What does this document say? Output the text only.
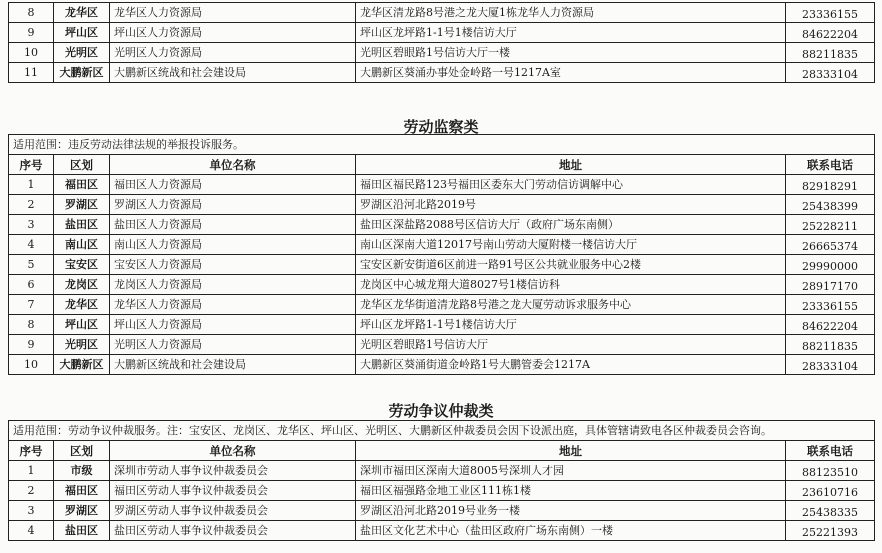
8	龙华区	龙华区人力资源局	龙华区清龙路8号港之龙大厦1栋龙华人力资源局	23336155
9	坪山区	坪山区人力资源局	坪山区龙坪路1-1号1楼信访大厅	84622204
10	光明区	光明区人力资源局	光明区碧眼路1号信访大厅一楼	88211835
11	大鹏新区	大鹏新区统战和社会建设局	大鹏新区葵涌办事处金岭路一号1217A室	28333104
劳动监察类
适用范围：违反劳动法律法规的举报投诉服务。				
序号	区划	单位名称	地址	联系电话
1	福田区	福田区人力资源局	福田区福民路123号福田区委东大门劳动信访调解中心	82918291
2	罗湖区	罗湖区人力资源局	罗湖区沿河北路2019号	25438399
3	盐田区	盐田区人力资源局	盐田区深盐路2088号区信访大厅（政府广场东南侧）	25228211
4	南山区	南山区人力资源局	南山区深南大道12017号南山劳动大厦附楼一楼信访大厅	26665374
5	宝安区	宝安区人力资源局	宝安区新安街道6区前进一路91号区公共就业服务中心2楼	29990000
6	龙岗区	龙岗区人力资源局	龙岗区中心城龙翔大道8027号1楼信访科	28917170
7	龙华区	龙华区人力资源局	龙华区龙华街道清龙路8号港之龙大厦劳动诉求服务中心	23336155
8	坪山区	坪山区人力资源局	坪山区龙坪路1-1号1楼信访大厅	84622204
9	光明区	光明区人力资源局	光明区碧眼路1号信访大厅	88211835
10	大鹏新区	大鹏新区统战和社会建设局	大鹏新区葵涌街道金岭路1号大鹏管委会1217A	28333104
劳动争议仲裁类
适用范围：劳动争议仲裁服务。注：宝安区、龙岗区、龙华区、坪山区、光明区、大鹏新区仲裁委员会因下设派出庭，具体管辖请致电各区仲裁委员会咨询。				
序号	区划	单位名称	地址	联系电话
1	市级	深圳市劳动人事争议仲裁委员会	深圳市福田区深南大道8005号深圳人才园	88123510
2	福田区	福田区劳动人事争议仲裁委员会	福田区福强路金地工业区111栋1楼	23610716
3	罗湖区	罗湖区劳动人事争议仲裁委员会	罗湖区沿河北路2019号业务一楼	25438335
4	盐田区	盐田区劳动人事争议仲裁委员会	盐田区文化艺术中心（盐田区政府广场东南侧）一楼	25221393
